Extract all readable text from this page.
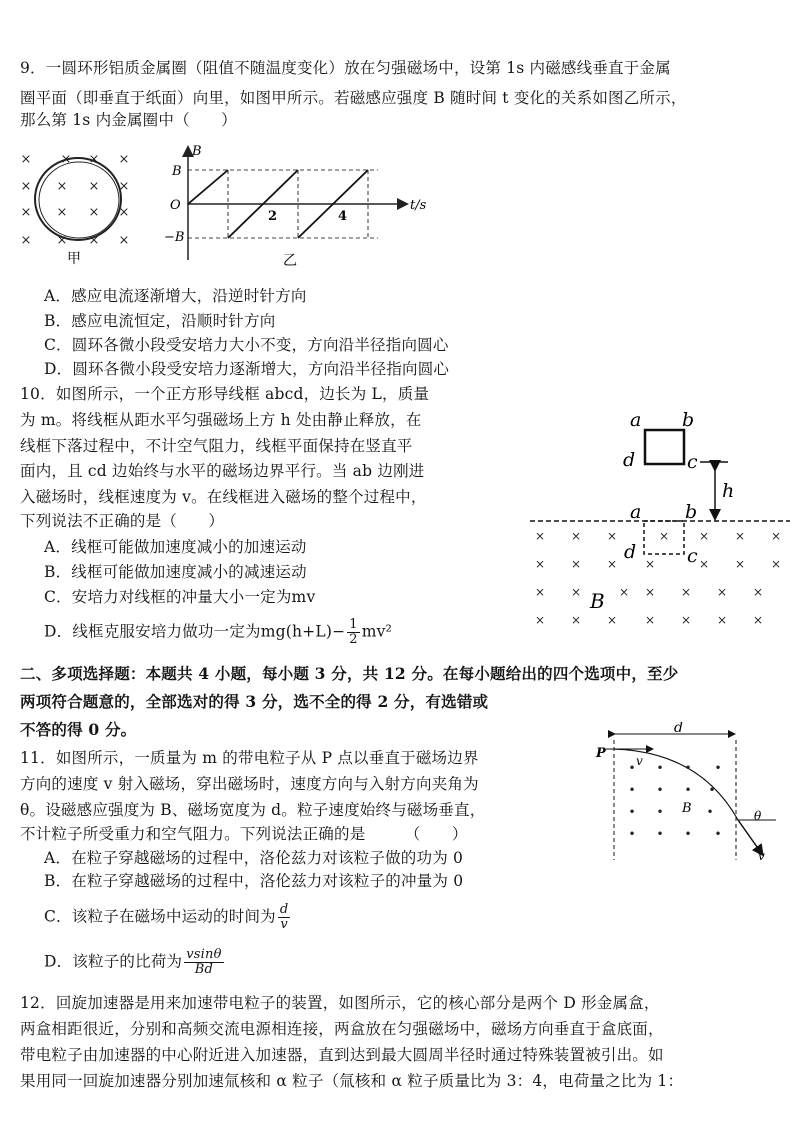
9．一圆环形铝质金属圈（阻值不随温度变化）放在匀强磁场中，设第 1s 内磁感线垂直于金属
圈平面（即垂直于纸面）向里，如图甲所示。若磁感应强度 B 随时间 t 变化的关系如图乙所示，
那么第 1s 内金属圈中（　　）
× × × ×
× × × ×
× × × ×
× × × ×
甲
B
B
−B
O	t/s
2	4
乙
A．感应电流逐渐增大，沿逆时针方向
B．感应电流恒定，沿顺时针方向
C．圆环各微小段受安培力大小不变，方向沿半径指向圆心
D．圆环各微小段受安培力逐渐增大，方向沿半径指向圆心
10．如图所示，一个正方形导线框 abcd，边长为 L，质量
为 m。将线框从距水平匀强磁场上方 h 处由静止释放，在
线框下落过程中，不计空气阻力，线框平面保持在竖直平
面内，且 cd 边始终与水平的磁场边界平行。当 ab 边刚进
入磁场时，线框速度为 v。在线框进入磁场的整个过程中，
下列说法不正确的是（　　）
A．线框可能做加速度减小的加速运动
B．线框可能做加速度减小的减速运动
C．安培力对线框的冲量大小一定为mv
D．线框克服安培力做功一定为$mg(h+L)- \frac{1}{2} mv^2$
a b
d	c
h
a b
d	c
B
× × ×	× × × ×
× × × ×	× × ×
× ×	× × × × ×
× × × × × × ×
二、多项选择题：本题共 4 小题，每小题 3 分，共 12 分。在每小题给出的四个选项中，至少
两项符合题意的，全部选对的得 3 分，选不全的得 2 分，有选错或
不答的得 0 分。
11．如图所示，一质量为 m 的带电粒子从 P 点以垂直于磁场边界
方向的速度 v 射入磁场，穿出磁场时，速度方向与入射方向夹角为
θ。设磁感应强度为 B、磁场宽度为 d。粒子速度始终与磁场垂直，
不计粒子所受重力和空气阻力。下列说法正确的是　　　（　　）
A．在粒子穿越磁场的过程中，洛伦兹力对该粒子做的功为 0
B．在粒子穿越磁场的过程中，洛伦兹力对该粒子的冲量为 0
C．该粒子在磁场中运动的时间为 $\frac{d}{v}$
D．该粒子的比荷为 $\frac{vsin\theta}{Bd}$
d
P	v
θ
v
B
• • • •
• • • •
• •	•
• • • •
12．回旋加速器是用来加速带电粒子的装置，如图所示，它的核心部分是两个 D 形金属盒，
两盒相距很近，分别和高频交流电源相连接，两盒放在匀强磁场中，磁场方向垂直于盒底面，
带电粒子由加速器的中心附近进入加速器，直到达到最大圆周半径时通过特殊装置被引出。如
果用同一回旋加速器分别加速氚核和 α 粒子（氚核和 α 粒子质量比为 3：4，电荷量之比为 1：
